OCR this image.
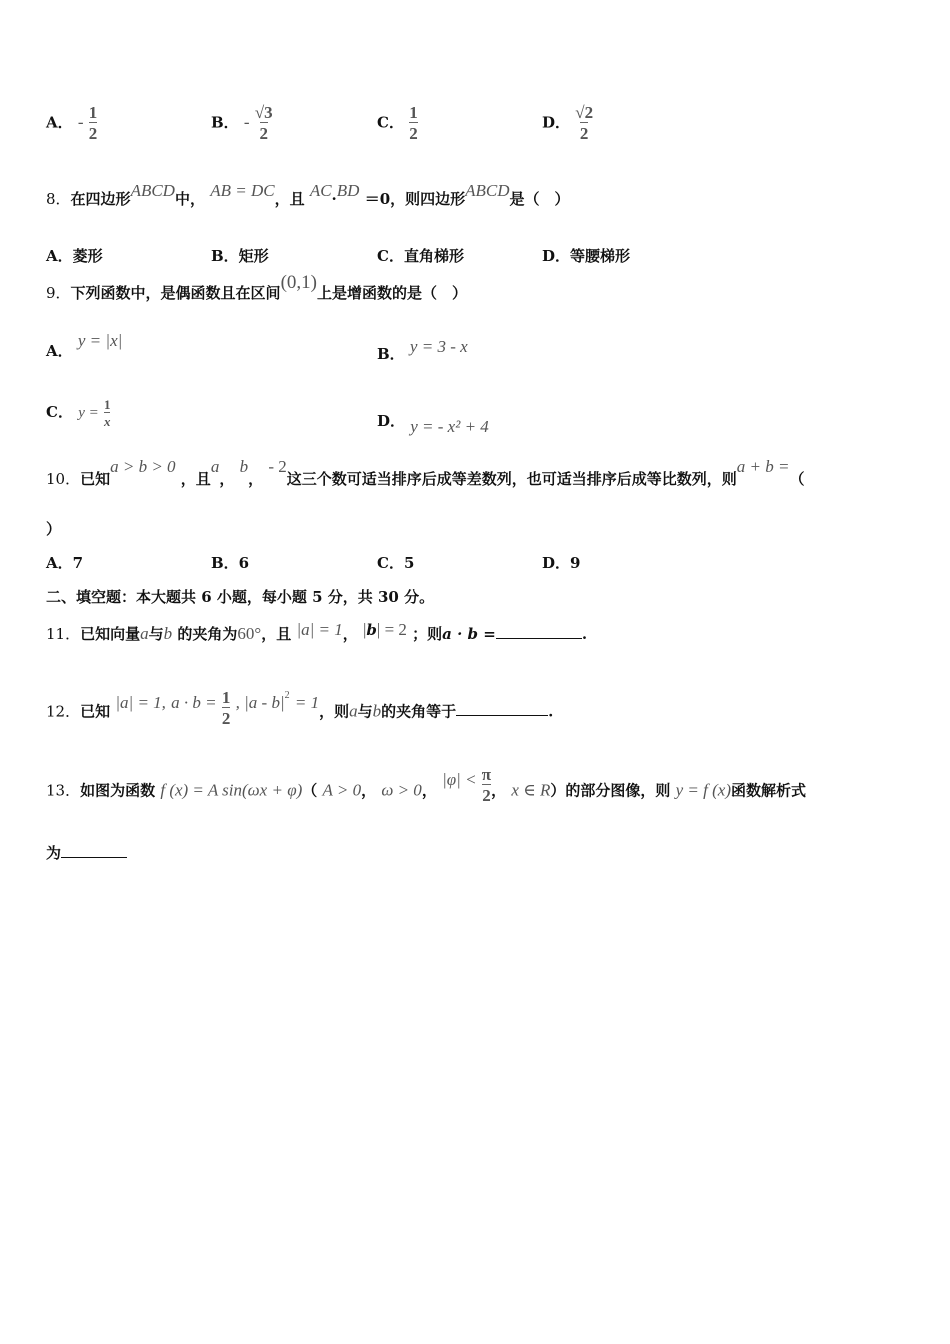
A． - $\frac{1}{2}$	B． - $\frac{√3}{2}$	C． $\frac{1}{2}$	D． $\frac{√2}{2}$
8．在四边形ABCD中， AB = DC，且 AC·BD ＝0，则四边形ABCD是（　）
A．菱形	B．矩形	C．直角梯形	D．等腰梯形
9．下列函数中，是偶函数且在区间(0,1)上是增函数的是（　）
A． y = |x|
B． y = 3 - x
C． $y = \frac{1}{x}$	D． y = - x² + 4
10．已知a > b > 0 ，且a， b， - 2这三个数可适当排序后成等差数列，也可适当排序后成等比数列，则a + b =（
）
A．7	B．6	C．5	D．9
二、填空题：本大题共 6 小题，每小题 5 分，共 30 分。
11．已知向量a与b 的夹角为60°，且 |a| = 1， |b| = 2 ；则a · b =	.
12．已知 |a| = 1, $a \cdot b = \frac{1}{2}$ , $|a - b|^2 = 1$，则a与b的夹角等于	.
13．如图为函数 f (x) = A sin(ωx + φ)（ A > 0， ω > 0， $|\varphi| < \frac{\pi}{2}$ ， x ∈ R）的部分图像，则 y = f (x)函数解析式
为
